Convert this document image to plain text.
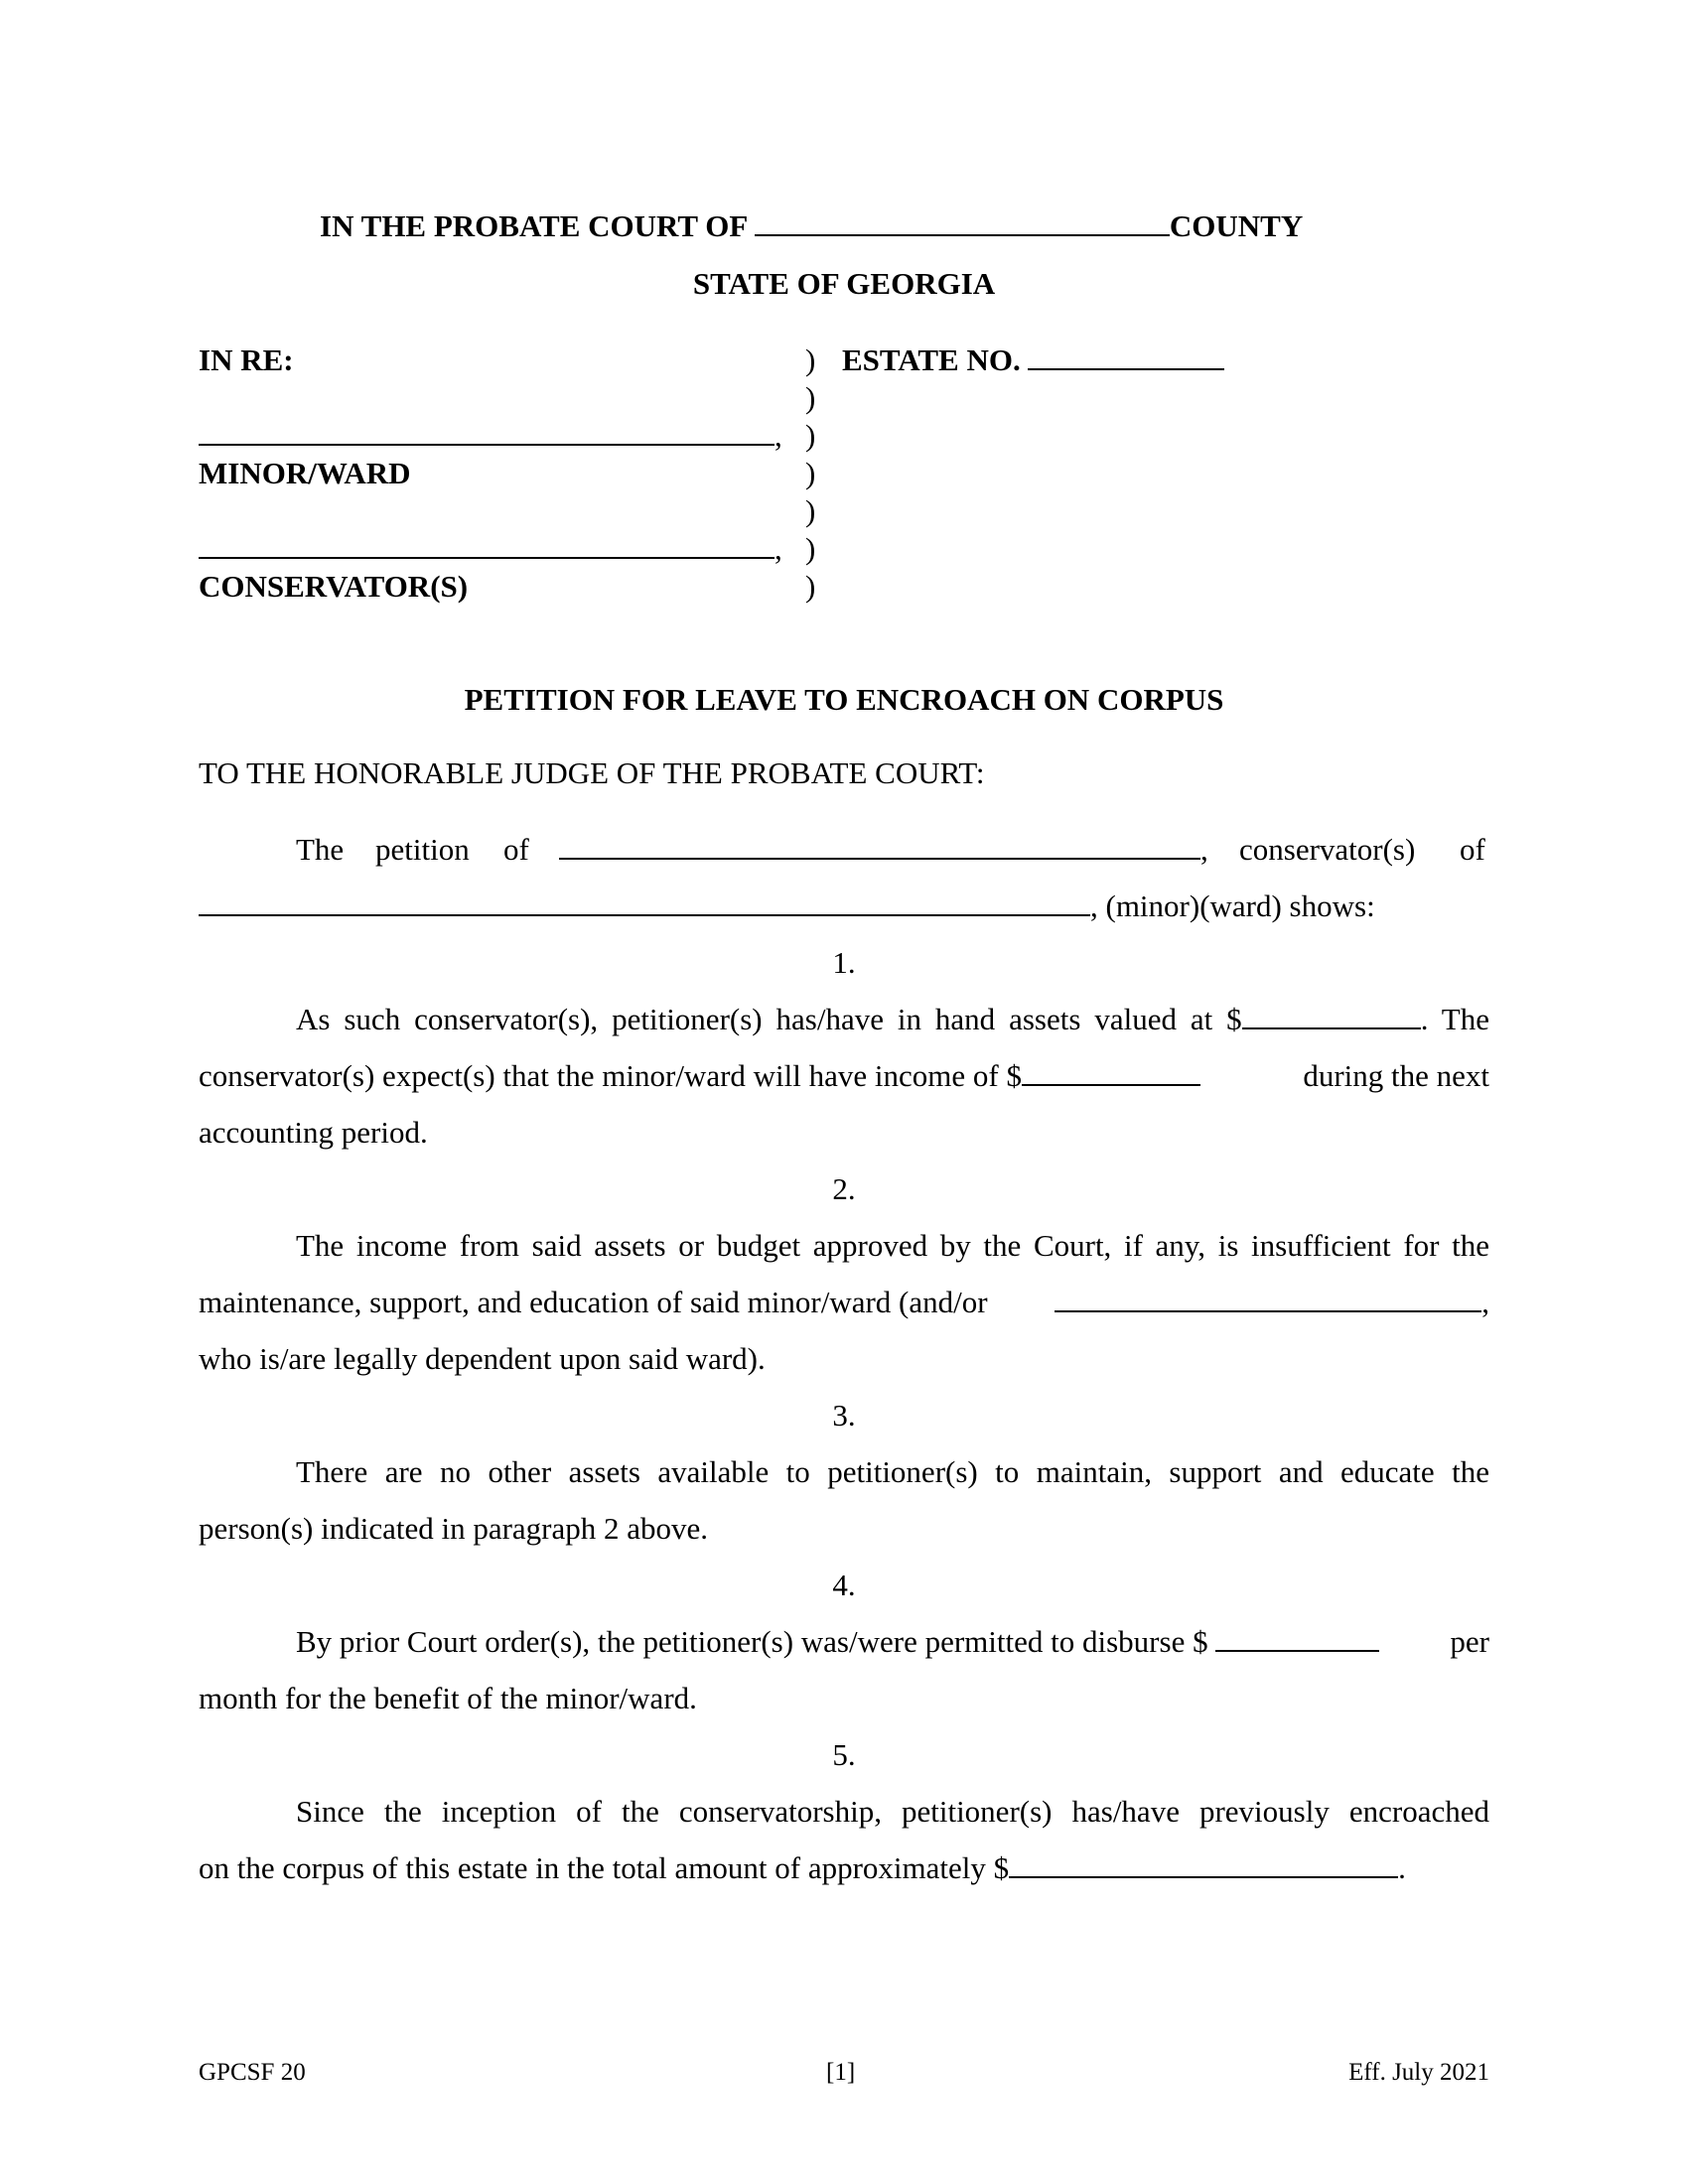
IN THE PROBATE COURT OF	COUNTY
STATE OF GEORGIA
IN RE:	ESTATE NO.
)
)
)
)
)
)
)
,
MINOR/WARD
,
CONSERVATOR(S)
PETITION FOR LEAVE TO ENCROACH ON CORPUS
TO THE HONORABLE JUDGE OF THE PROBATE COURT:
The petition of	, conservator(s) of
, (minor)(ward) shows:
1.
As such conservator(s), petitioner(s) has/have in hand assets valued at $	. The
conservator(s) expect(s) that the minor/ward will have income of $	during the next
accounting period.
2.
The income from said assets or budget approved by the Court, if any, is insufficient for the
maintenance, support, and education of said minor/ward (and/or	,
who is/are legally dependent upon said ward).
3.
There are no other assets available to petitioner(s) to maintain, support and educate the
person(s) indicated in paragraph 2 above.
4.
By prior Court order(s), the petitioner(s) was/were permitted to disburse $	per
month for the benefit of the minor/ward.
5.
Since the inception of the conservatorship, petitioner(s) has/have previously encroached
on the corpus of this estate in the total amount of approximately $	.
GPCSF 20	[1]	Eff. July 2021
